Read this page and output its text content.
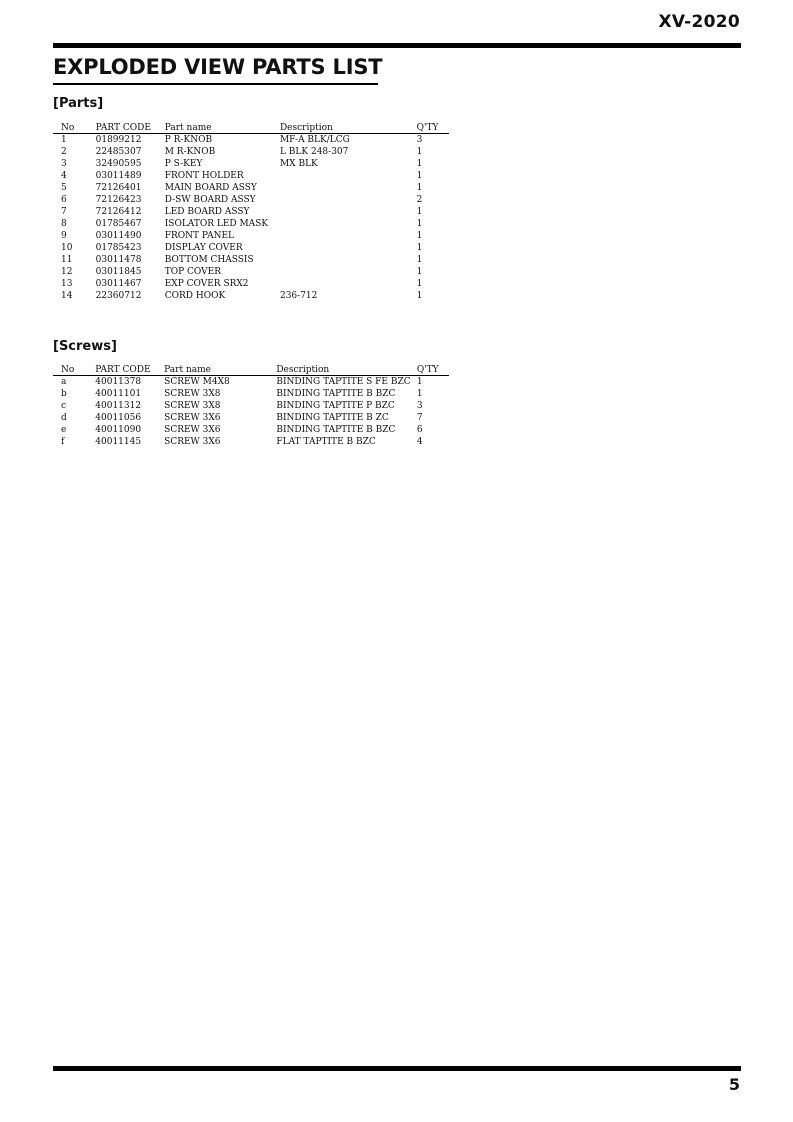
XV-2020
EXPLODED VIEW PARTS LIST
[Parts]
No	PART CODE	Part name	Description	Q'TY
1	01899212	P R-KNOB	MF-A BLK/LCG	3
2	22485307	M R-KNOB	L BLK 248-307	1
3	32490595	P S-KEY	MX BLK	1
4	03011489	FRONT HOLDER		1
5	72126401	MAIN BOARD ASSY		1
6	72126423	D-SW BOARD ASSY		2
7	72126412	LED BOARD ASSY		1
8	01785467	ISOLATOR LED MASK		1
9	03011490	FRONT PANEL		1
10	01785423	DISPLAY COVER		1
11	03011478	BOTTOM CHASSIS		1
12	03011845	TOP COVER		1
13	03011467	EXP COVER SRX2		1
14	22360712	CORD HOOK	236-712	1
[Screws]
No	PART CODE	Part name	Description	Q'TY
a	40011378	SCREW M4X8	BINDING TAPTITE S FE BZC	1
b	40011101	SCREW 3X8	BINDING TAPTITE B BZC	1
c	40011312	SCREW 3X8	BINDING TAPTITE P BZC	3
d	40011056	SCREW 3X6	BINDING TAPTITE B ZC	7
e	40011090	SCREW 3X6	BINDING TAPTITE B BZC	6
f	40011145	SCREW 3X6	FLAT TAPTITE B BZC	4
5
